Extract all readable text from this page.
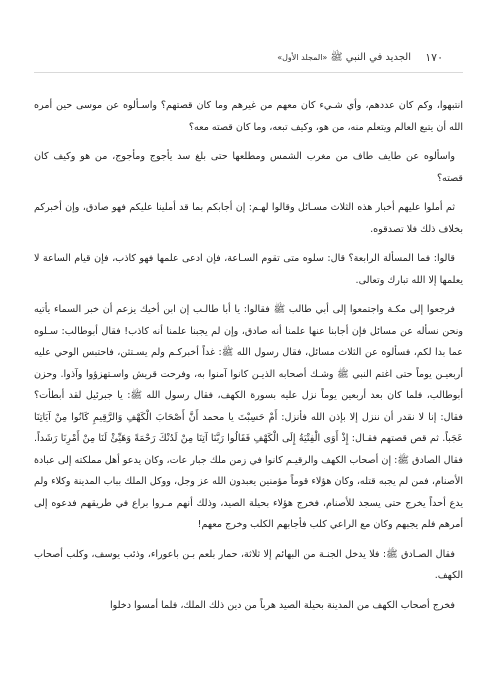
١٧٠
الجديد في النبي ﷺ «المجلد الأول»

انتبهوا، وكم كان عددهم، وأي شـيء كان معهم من غيرهم وما كان قصتهم؟ واسـألوه عن موسى حين أمره الله أن يتبع العالم ويتعلم منه، من هو، وكيف تبعه، وما كان قصته معه؟

واسألوه عن طايف طاف من مغرب الشمس ومطلعها حتى بلغ سد يأجوج ومأجوج، من هو وكيف كان قصته؟

ثم أملوا عليهم أخبار هذه الثلاث مسـائل وقالوا لهـم: إن أجابكم بما قد أملينا عليكم فهو صادق، وإن أخبركم بخلاف ذلك فلا تصدقوه.

قالوا: فما المسألة الرابعة؟ قال: سلوه متى تقوم السـاعة، فإن ادعى علمها فهو كاذب، فإن قيام الساعة لا يعلمها إلا الله تبارك وتعالى.

فرجعوا إلى مكـة واجتمعوا إلى أبي طالب ﷺ فقالوا: يا أبا طالـب إن ابن أخيك يزعم أن خبر السماء يأتيه ونحن نسأله عن مسائل فإن أجابنا عنها علمنا أنه صادق، وإن لم يجبنا علمنا أنه كاذب! فقال أبوطالب: سـلوه عما بدا لكم، فسألوه عن الثلاث مسائل، فقال رسول الله ﷺ: غداً أخبركـم ولم يسـتثن، فاحتبس الوحي عليه أربعيـن يوماً حتى اغتم النبي ﷺ وشـك أصحابه الذيـن كانوا آمنوا به، وفرحت قريش واسـتهزؤوا وآذوا. وحزن أبوطالب، فلما كان بعد أربعين يوماً نزل عليه بسورة الكهف، فقال رسول الله ﷺ: يا جبرئيل لقد أبطأت؟ فقال: إنا لا نقدر أن ننزل إلا بإذن الله فأنزل: أَمْ حَسِبْتَ يا محمد أَنَّ أَصْحَابَ الْكَهْفِ وَالرَّقِيمِ كَانُوا مِنْ آيَاتِنَا عَجَباً. ثم قص قصتهم فقـال: إِذْ أَوَى الْفِتْيَةُ إِلَى الْكَهْفِ فَقَالُوا رَبَّنَا آتِنَا مِنْ لَدُنْكَ رَحْمَةً وَهَيِّئْ لَنَا مِنْ أَمْرِنَا رَشَداً. فقال الصادق ﷺ: إن أصحاب الكهف والرقيـم كانوا في زمن ملك جبار عات، وكان يدعو أهل مملكته إلى عبادة الأصنام، فمن لم يجبه قتله، وكان هؤلاء قوماً مؤمنين يعبدون الله عز وجل، ووكل الملك بباب المدينة وكلاء ولم يدع أحداً يخرج حتى يسجد للأصنام، فخرج هؤلاء بحيلة الصيد، وذلك أنهم مـروا براع في طريقهم فدعوه إلى أمرهم فلم يجبهم وكان مع الراعي كلب فأجابهم الكلب وخرج معهم!

فقال الصـادق ﷺ: فلا يدخل الجنـة من البهائم إلا ثلاثة، حمار بلعم بـن باعوراء، وذئب يوسف، وكلب أصحاب الكهف.

فخرج أصحاب الكهف من المدينة بحيلة الصيد هرباً من دين ذلك الملك، فلما أمسوا دخلوا
